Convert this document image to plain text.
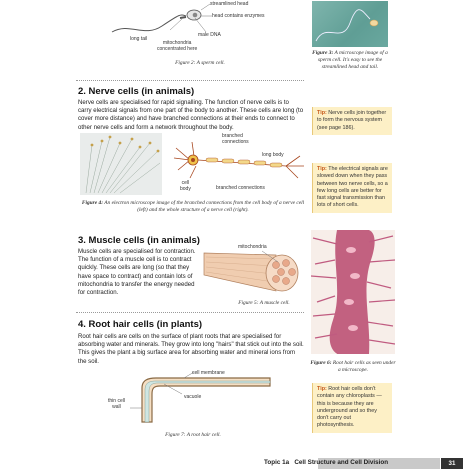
streamlined head
head contains enzymes
long tail
male DNA
mitochondria
concentrated here
Figure 2: A sperm cell.
Figure 3: A microscope image of a sperm cell. It's easy to see the streamlined head and tail.
2. Nerve cells (in animals)
Nerve cells are specialised for rapid signalling. The function of nerve cells is to carry electrical signals from one part of the body to another. These cells are long (to cover more distance) and have branched connections at their ends to connect to other nerve cells and form a network throughout the body.
Tip: Nerve cells join together to form the nervous system (see page 186).
branched
connections
long body
cell
body	branched connections
Figure 4: An electron microscope image of the branched connections from the cell body of a nerve cell (left) and the whole structure of a nerve cell (right).
Tip: The electrical signals are slowed down when they pass between two nerve cells, so a few long cells are better for fast signal transmission than lots of short cells.
3. Muscle cells (in animals)
Muscle cells are specialised for contraction. The function of a muscle cell is to contract quickly. These cells are long (so that they have space to contract) and contain lots of mitochondria to transfer the energy needed for contraction.
mitochondria
Figure 5: A muscle cell.
Figure 6: Root hair cells as seen under a microscope.
4. Root hair cells (in plants)
Root hair cells are cells on the surface of plant roots that are specialised for absorbing water and minerals. They grow into long "hairs" that stick out into the soil. This gives the plant a big surface area for absorbing water and mineral ions from the soil.
cell membrane
thin cell
wall
vacuole
Figure 7: A root hair cell.
Tip: Root hair cells don't contain any chloroplasts — this is because they are underground and so they don't carry out photosynthesis.
Topic 1a Cell Structure and Cell Division	31
